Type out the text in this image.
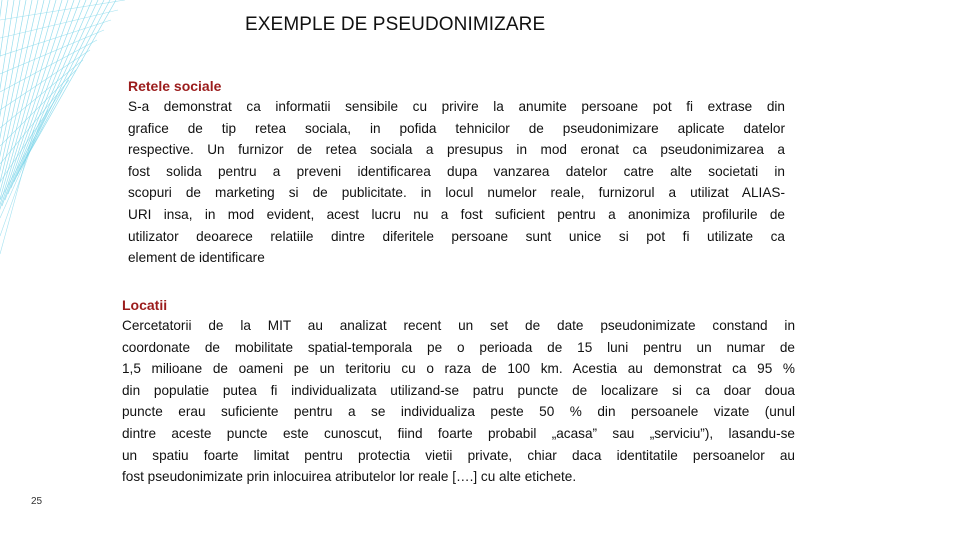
EXEMPLE DE PSEUDONIMIZARE
Retele sociale
S-a demonstrat ca informatii sensibile cu privire la anumite persoane pot fi extrase din
grafice de tip retea sociala, in pofida tehnicilor de pseudonimizare aplicate datelor
respective. Un furnizor de retea sociala a presupus in mod eronat ca pseudonimizarea a
fost solida pentru a preveni identificarea dupa vanzarea datelor catre alte societati in
scopuri de marketing si de publicitate. in locul numelor reale, furnizorul a utilizat ALIAS-
URI insa, in mod evident, acest lucru nu a fost suficient pentru a anonimiza profilurile de
utilizator deoarece relatiile dintre diferitele persoane sunt unice si pot fi utilizate ca
element de identificare
Locatii
Cercetatorii de la MIT au analizat recent un set de date pseudonimizate constand in
coordonate de mobilitate spatial-temporala pe o perioada de 15 luni pentru un numar de
1,5 milioane de oameni pe un teritoriu cu o raza de 100 km. Acestia au demonstrat ca 95 %
din populatie putea fi individualizata utilizand-se patru puncte de localizare si ca doar doua
puncte erau suficiente pentru a se individualiza peste 50 % din persoanele vizate (unul
dintre aceste puncte este cunoscut, fiind foarte probabil „acasa” sau „serviciu”), lasandu-se
un spatiu foarte limitat pentru protectia vietii private, chiar daca identitatile persoanelor au
fost pseudonimizate prin inlocuirea atributelor lor reale [….] cu alte etichete.
25
